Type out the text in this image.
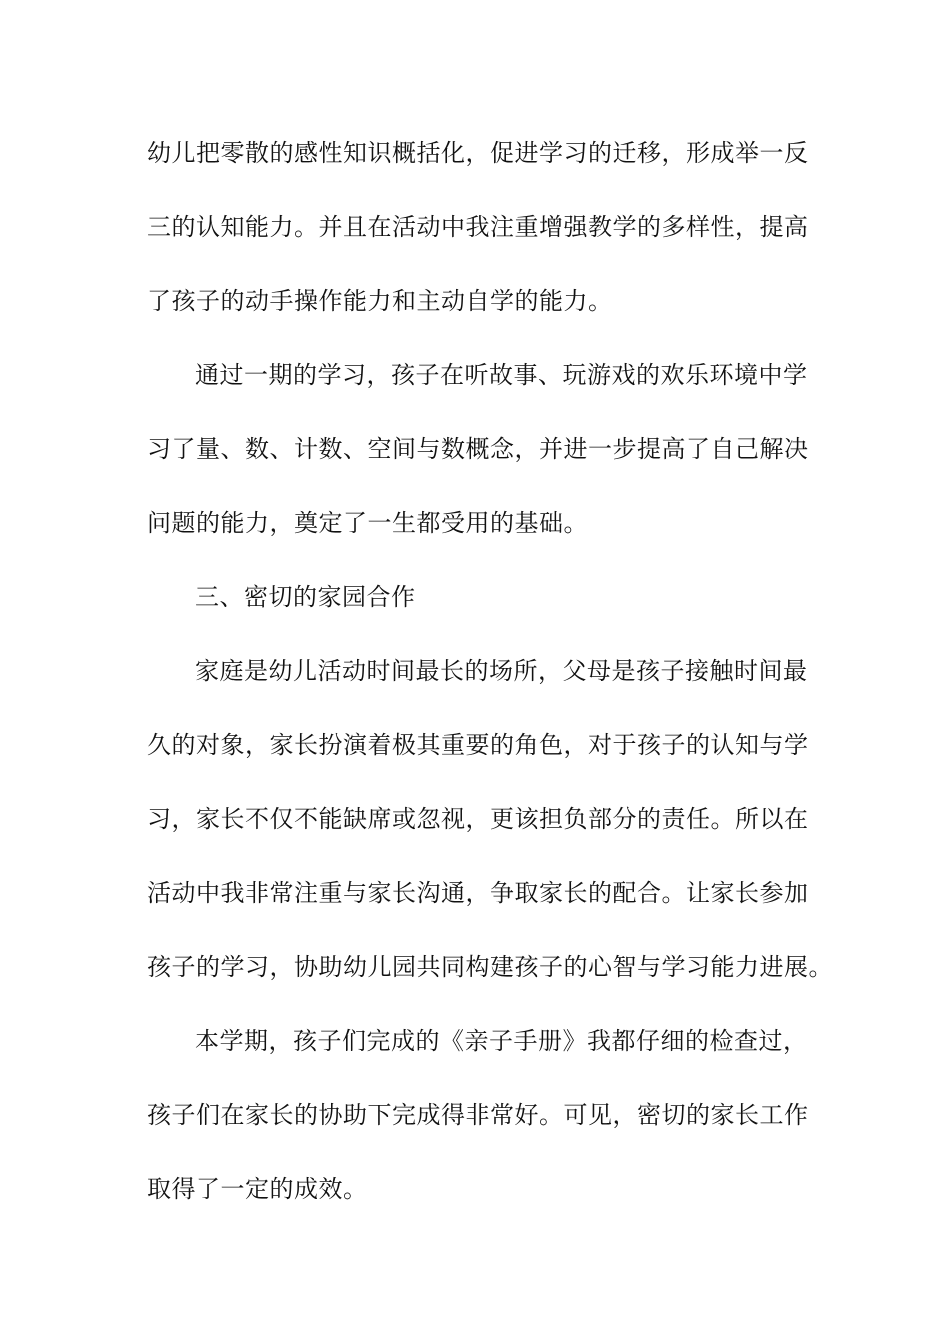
幼儿把零散的感性知识概括化，促进学习的迁移，形成举一反
三的认知能力。并且在活动中我注重增强教学的多样性，提高
了孩子的动手操作能力和主动自学的能力。
通过一期的学习，孩子在听故事、玩游戏的欢乐环境中学
习了量、数、计数、空间与数概念，并进一步提高了自己解决
问题的能力，奠定了一生都受用的基础。
三、密切的家园合作
家庭是幼儿活动时间最长的场所，父母是孩子接触时间最
久的对象，家长扮演着极其重要的角色，对于孩子的认知与学
习，家长不仅不能缺席或忽视，更该担负部分的责任。所以在
活动中我非常注重与家长沟通，争取家长的配合。让家长参加
孩子的学习，协助幼儿园共同构建孩子的心智与学习能力进展。
本学期，孩子们完成的《亲子手册》我都仔细的检查过，
孩子们在家长的协助下完成得非常好。可见，密切的家长工作
取得了一定的成效。
